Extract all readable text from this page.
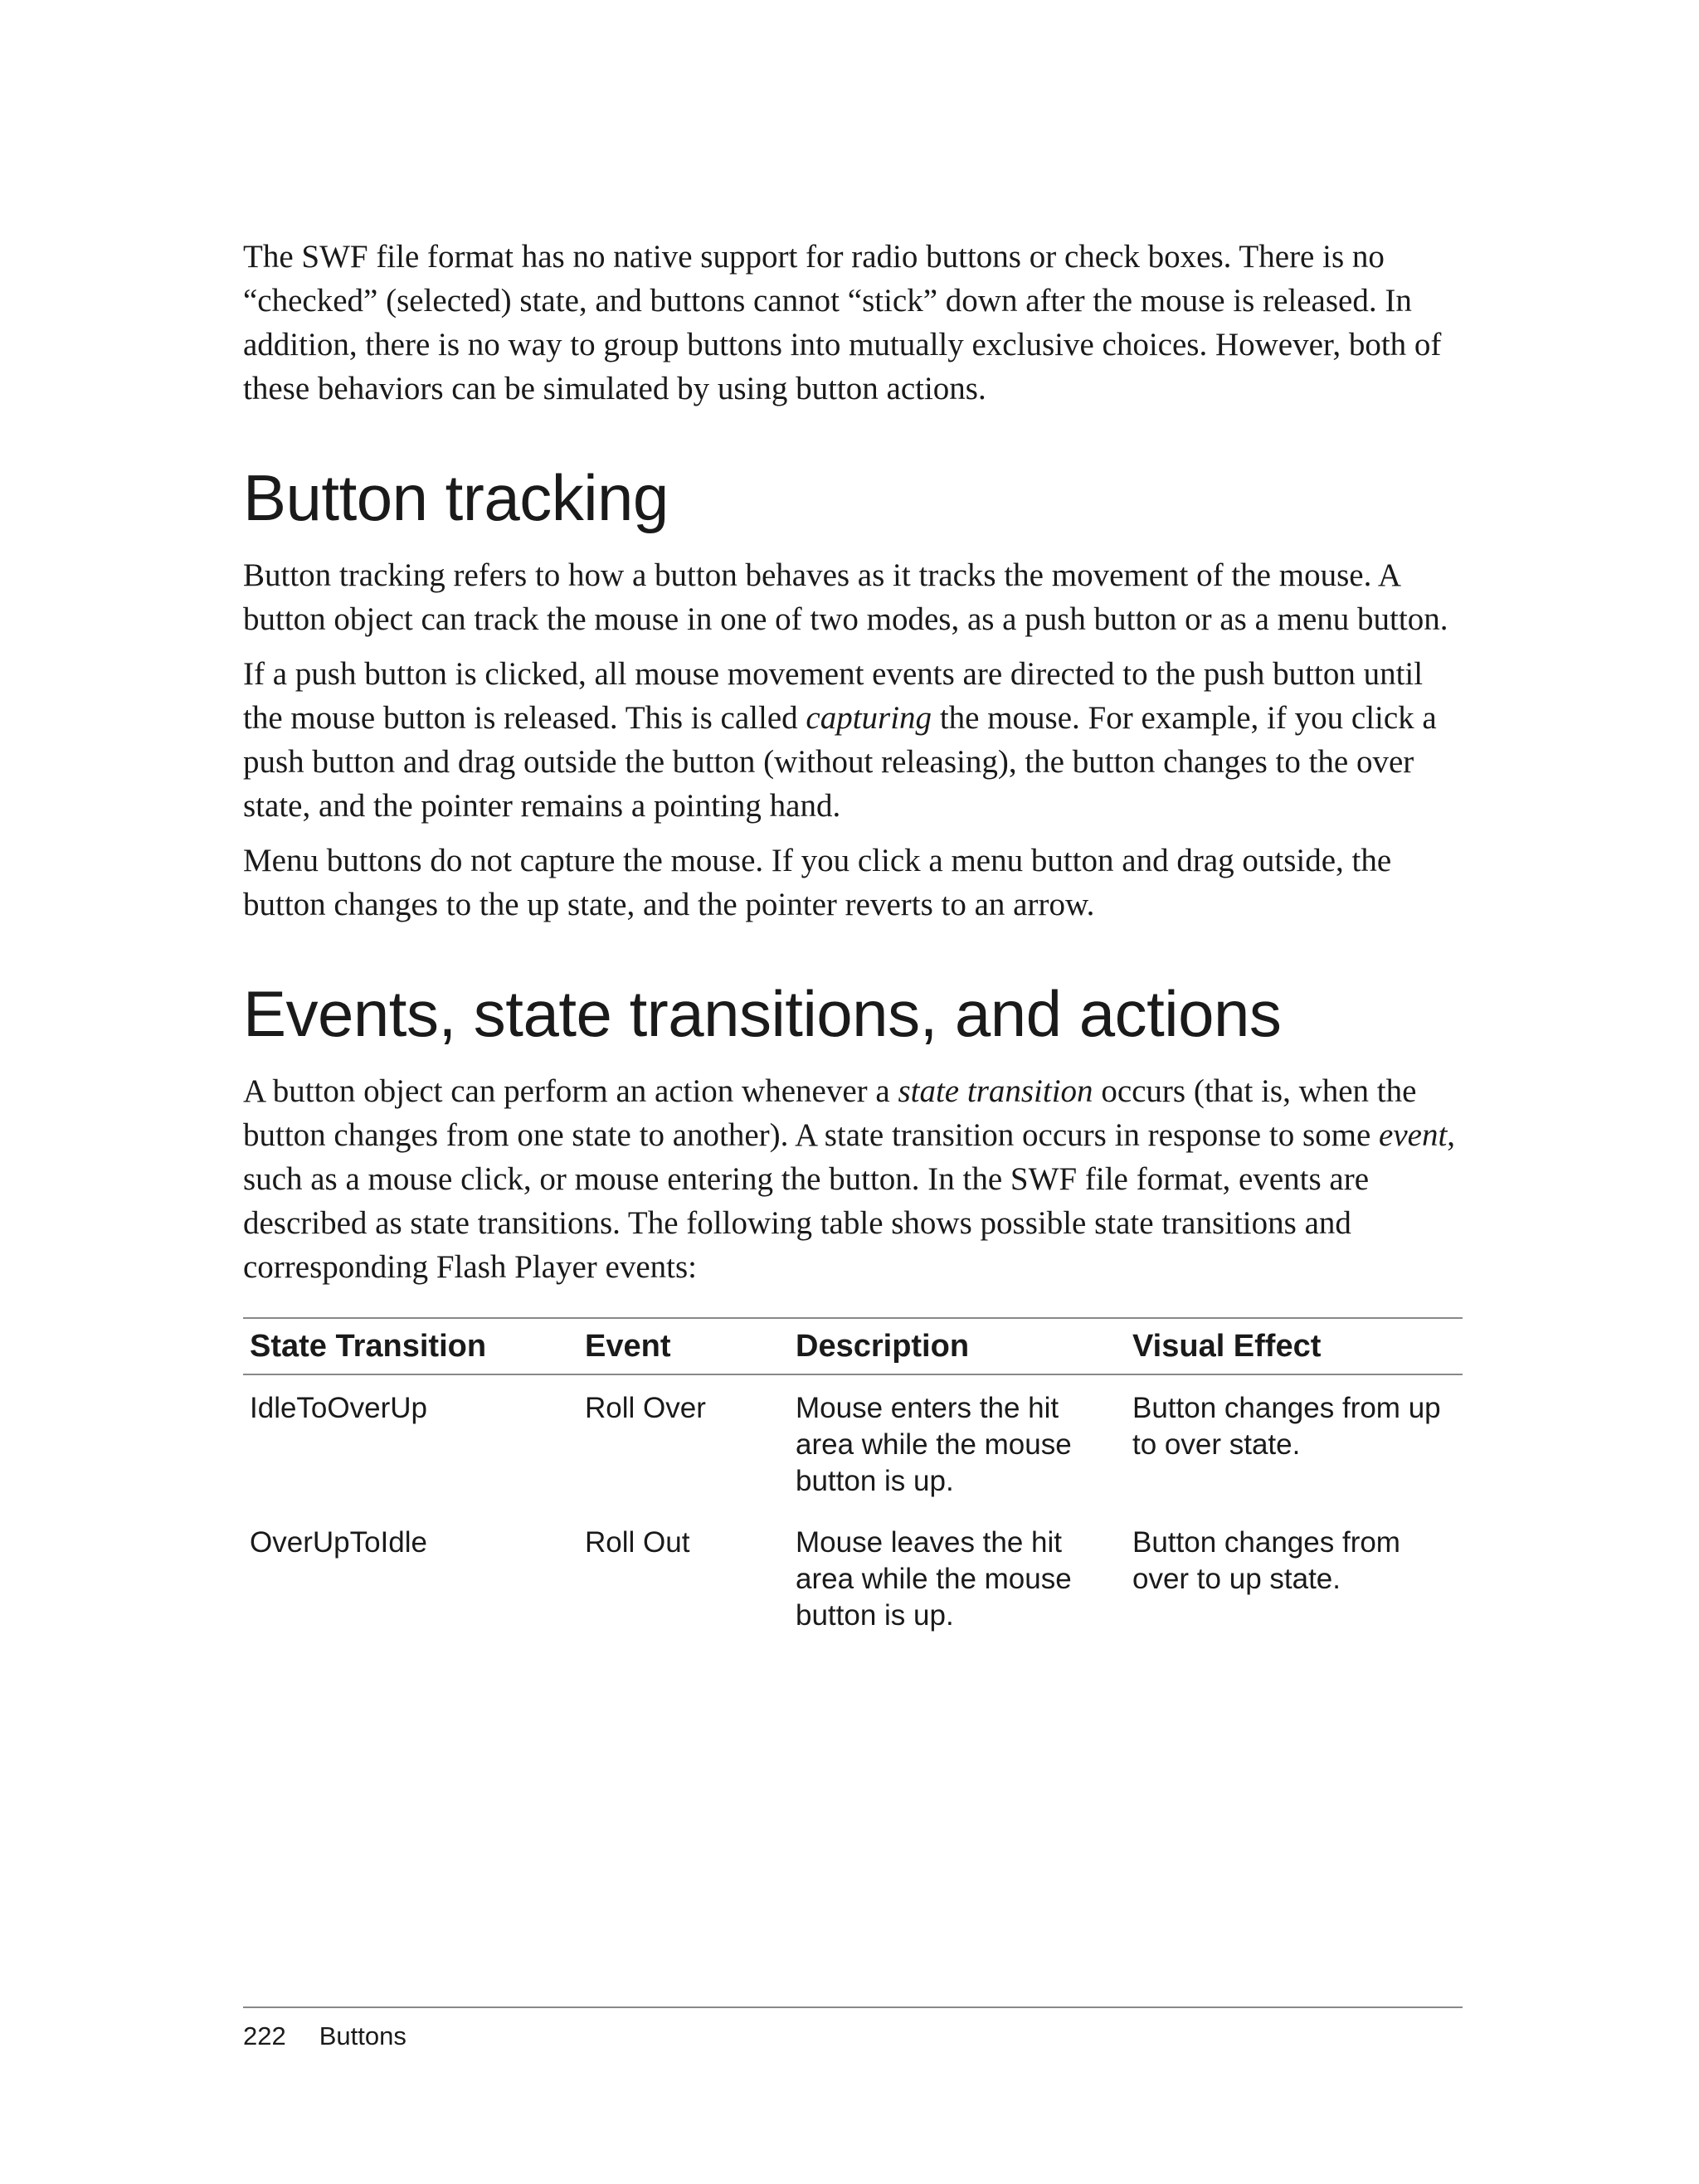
The SWF file format has no native support for radio buttons or check boxes. There is no “checked” (selected) state, and buttons cannot “stick” down after the mouse is released. In addition, there is no way to group buttons into mutually exclusive choices. However, both of these behaviors can be simulated by using button actions.

Button tracking

Button tracking refers to how a button behaves as it tracks the movement of the mouse. A button object can track the mouse in one of two modes, as a push button or as a menu button.

If a push button is clicked, all mouse movement events are directed to the push button until the mouse button is released. This is called capturing the mouse. For example, if you click a push button and drag outside the button (without releasing), the button changes to the over state, and the pointer remains a pointing hand.

Menu buttons do not capture the mouse. If you click a menu button and drag outside, the button changes to the up state, and the pointer reverts to an arrow.

Events, state transitions, and actions

A button object can perform an action whenever a state transition occurs (that is, when the button changes from one state to another). A state transition occurs in response to some event, such as a mouse click, or mouse entering the button. In the SWF file format, events are described as state transitions. The following table shows possible state transitions and corresponding Flash Player events:

State Transition	Event	Description	Visual Effect
IdleToOverUp	Roll Over	Mouse enters the hit area while the mouse button is up.	Button changes from up to over state.
OverUpToIdle	Roll Out	Mouse leaves the hit area while the mouse button is up.	Button changes from over to up state.
222 Buttons
